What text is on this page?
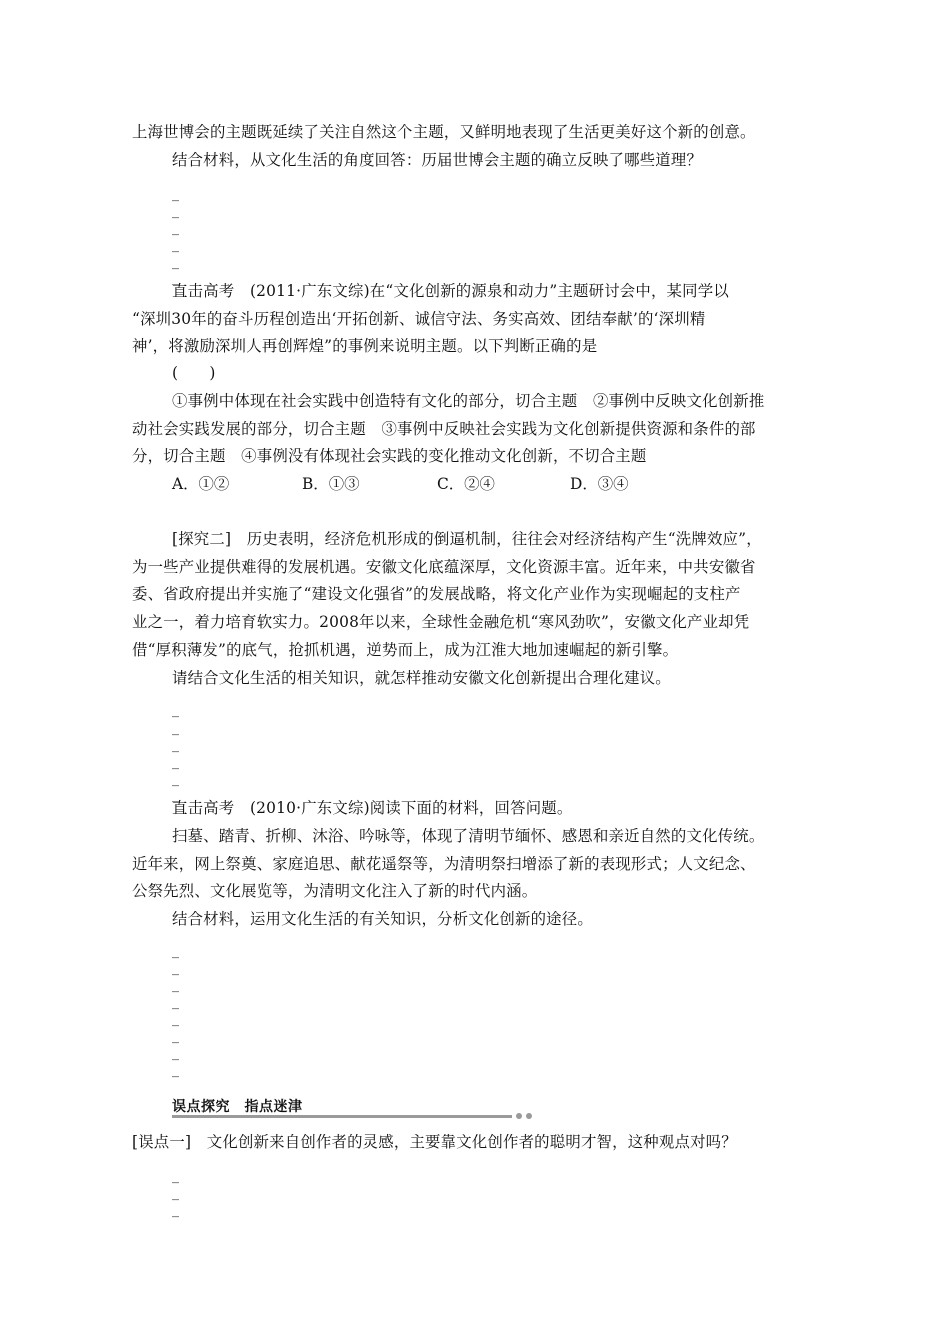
上海世博会的主题既延续了关注自然这个主题，又鲜明地表现了生活更美好这个新的创意。
结合材料，从文化生活的角度回答：历届世博会主题的确立反映了哪些道理？
_
_
_
_
_
_
直击高考　(2011·广东文综)在“文化创新的源泉和动力”主题研讨会中，某同学以
“深圳30年的奋斗历程创造出‘开拓创新、诚信守法、务实高效、团结奉献’的‘深圳精
神’，将激励深圳人再创辉煌”的事例来说明主题。以下判断正确的是
(　　)
①事例中体现在社会实践中创造特有文化的部分，切合主题　②事例中反映文化创新推
动社会实践发展的部分，切合主题　③事例中反映社会实践为文化创新提供资源和条件的部
分，切合主题　④事例没有体现社会实践的变化推动文化创新，不切合主题
A．①②	B．①③	C．②④	D．③④
[探究二]　历史表明，经济危机形成的倒逼机制，往往会对经济结构产生“洗牌效应”，
为一些产业提供难得的发展机遇。安徽文化底蕴深厚，文化资源丰富。近年来，中共安徽省
委、省政府提出并实施了“建设文化强省”的发展战略，将文化产业作为实现崛起的支柱产
业之一，着力培育软实力。2008年以来，全球性金融危机“寒风劲吹”，安徽文化产业却凭
借“厚积薄发”的底气，抢抓机遇，逆势而上，成为江淮大地加速崛起的新引擎。
请结合文化生活的相关知识，就怎样推动安徽文化创新提出合理化建议。
_
_
_
_
_
_
直击高考　(2010·广东文综)阅读下面的材料，回答问题。
扫墓、踏青、折柳、沐浴、吟咏等，体现了清明节缅怀、感恩和亲近自然的文化传统。
近年来，网上祭奠、家庭追思、献花遥祭等，为清明祭扫增添了新的表现形式；人文纪念、
公祭先烈、文化展览等，为清明文化注入了新的时代内涵。
结合材料，运用文化生活的有关知识，分析文化创新的途径。
_
_
_
_
_
_
_
_
误点探究　指点迷津
[误点一]　文化创新来自创作者的灵感，主要靠文化创作者的聪明才智，这种观点对吗？
_
_
_
